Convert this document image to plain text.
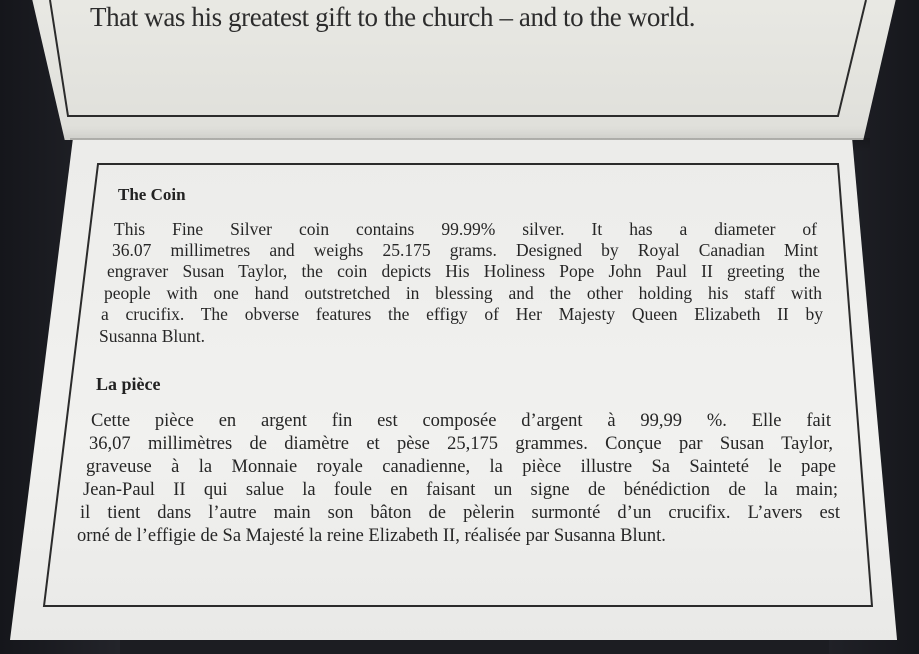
That was his greatest gift to the church – and to the world.
The Coin
This Fine Silver coin contains 99.99% silver. It has a diameter of
36.07 millimetres and weighs 25.175 grams. Designed by Royal Canadian Mint
engraver Susan Taylor, the coin depicts His Holiness Pope John Paul II greeting the
people with one hand outstretched in blessing and the other holding his staff with
a crucifix. The obverse features the effigy of Her Majesty Queen Elizabeth II by
Susanna Blunt.
La pièce
Cette pièce en argent fin est composée d’argent à 99,99 %. Elle fait
36,07 millimètres de diamètre et pèse 25,175 grammes. Conçue par Susan Taylor,
graveuse à la Monnaie royale canadienne, la pièce illustre Sa Sainteté le pape
Jean-Paul II qui salue la foule en faisant un signe de bénédiction de la main;
il tient dans l’autre main son bâton de pèlerin surmonté d’un crucifix. L’avers est
orné de l’effigie de Sa Majesté la reine Elizabeth II, réalisée par Susanna Blunt.
